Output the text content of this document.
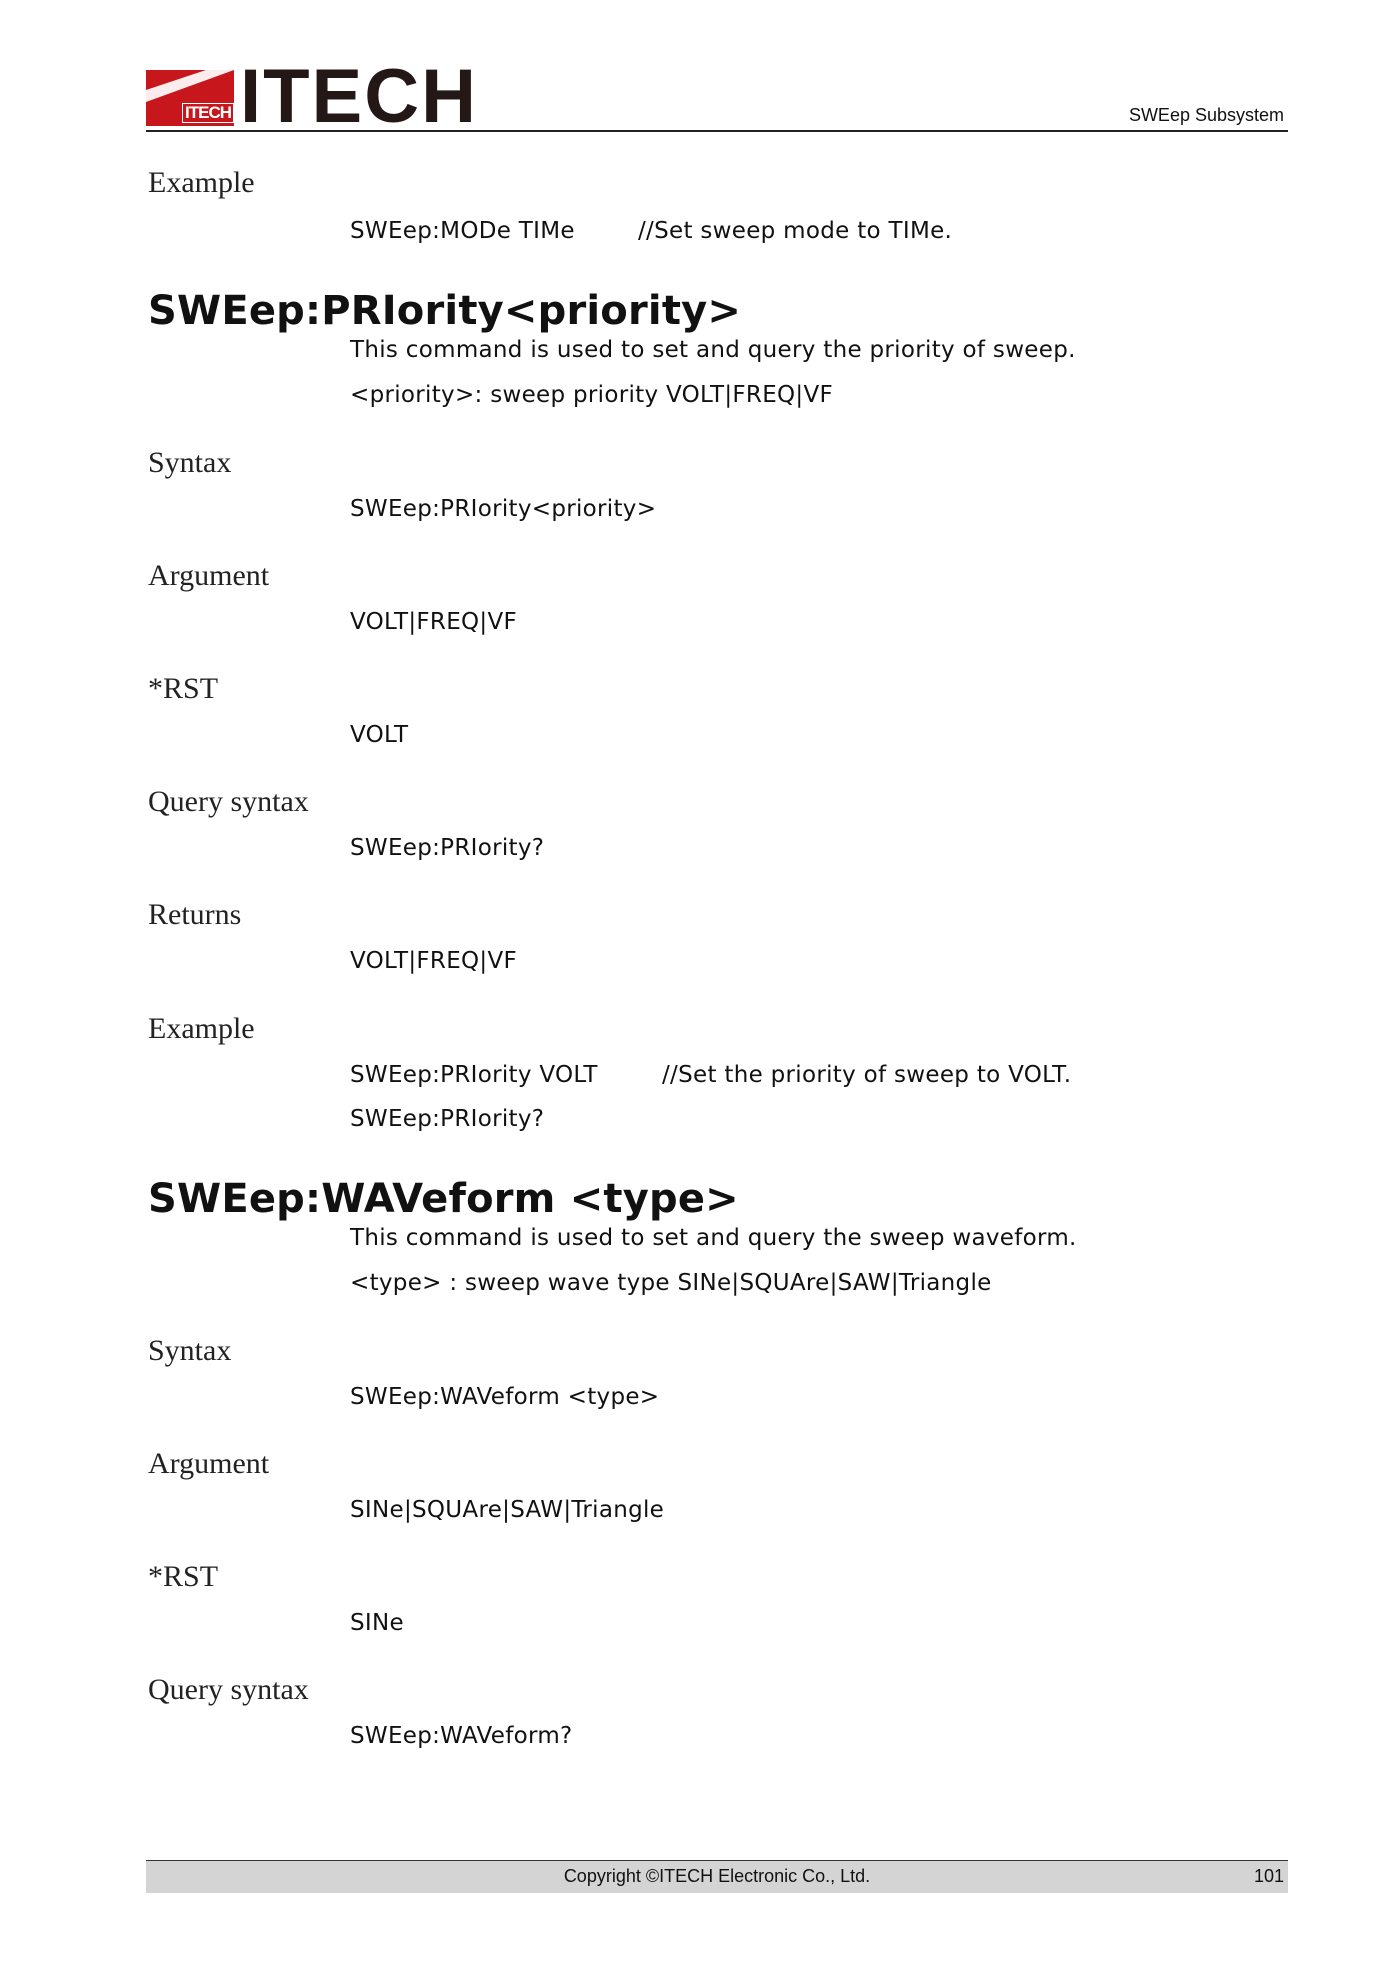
ITECH ITECH	SWEep Subsystem
Example
SWEep:MODe TIMe	//Set sweep mode to TIMe.
SWEep:PRIority<priority>
This command is used to set and query the priority of sweep.
<priority>: sweep priority VOLT|FREQ|VF
Syntax
SWEep:PRIority<priority>
Argument
VOLT|FREQ|VF
*RST
VOLT
Query syntax
SWEep:PRIority?
Returns
VOLT|FREQ|VF
Example
SWEep:PRIority VOLT	//Set the priority of sweep to VOLT.
SWEep:PRIority?
SWEep:WAVeform <type>
This command is used to set and query the sweep waveform.
<type> : sweep wave type SINe|SQUAre|SAW|Triangle
Syntax
SWEep:WAVeform <type>
Argument
SINe|SQUAre|SAW|Triangle
*RST
SINe
Query syntax
SWEep:WAVeform?
Copyright ©ITECH Electronic Co., Ltd.	101
